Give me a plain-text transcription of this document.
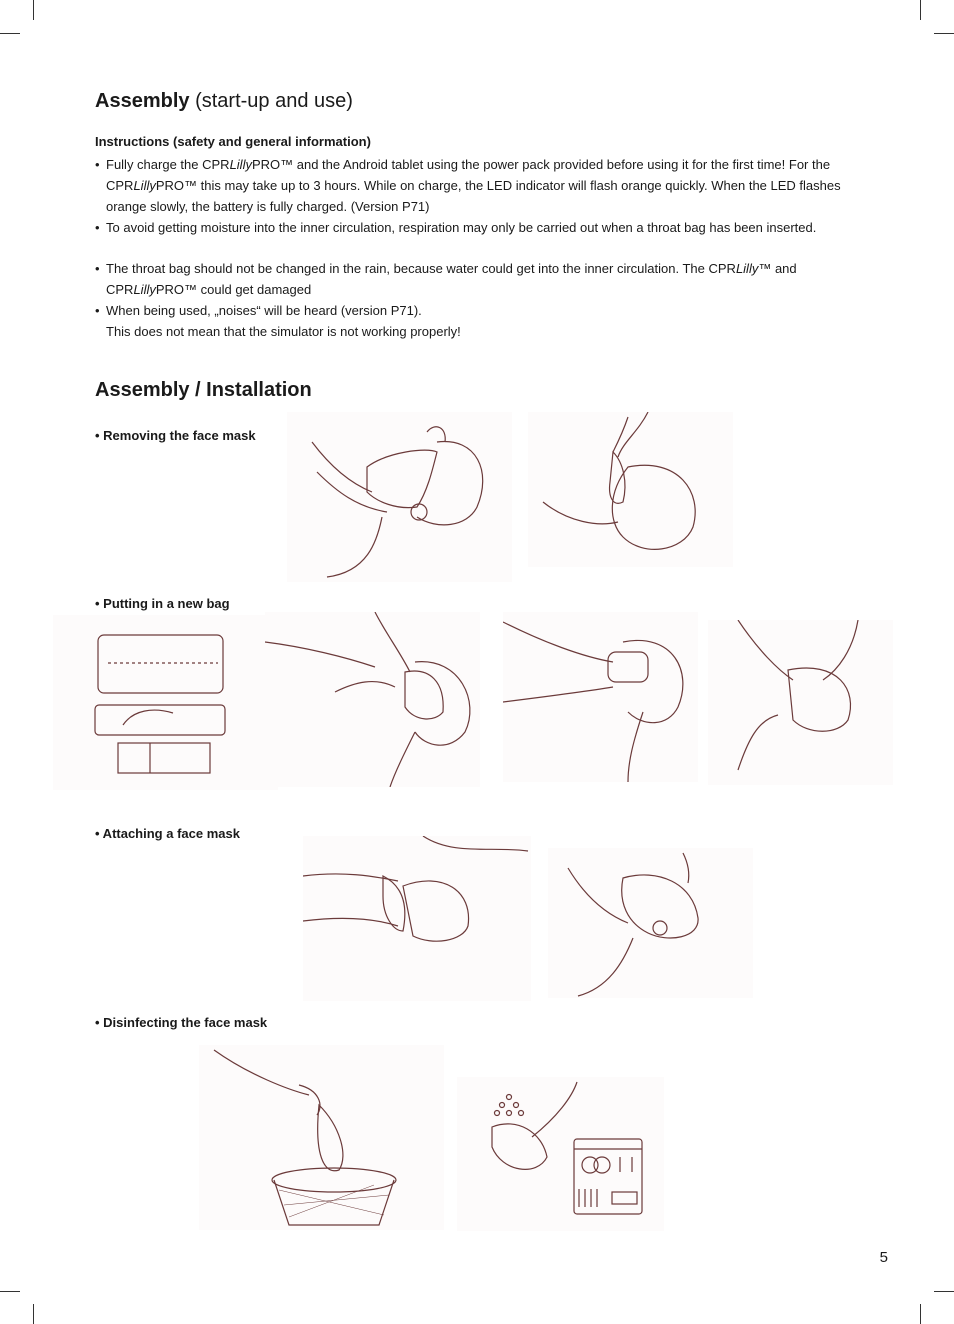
Assembly (start-up and use)
Instructions (safety and general information)
• Fully charge the CPRLillyPRO™ and the Android tablet using the power pack provided before using it for the first time! For the CPRLillyPRO™ this may take up to 3 hours. While on charge, the LED indicator will flash orange quickly. When the LED flashes orange slowly, the battery is fully charged. (Version P71)
• To avoid getting moisture into the inner circulation, respiration may only be carried out when a throat bag has been inserted.
• The throat bag should not be changed in the rain, because water could get into the inner circulation. The CPRLilly™ and CPRLillyPRO™ could get damaged
• When being used, „noises“ will be heard (version P71).
This does not mean that the simulator is not working properly!
Assembly / Installation
• Removing the face mask
• Putting in a new bag
• Attaching a face mask
• Disinfecting the face mask
5
